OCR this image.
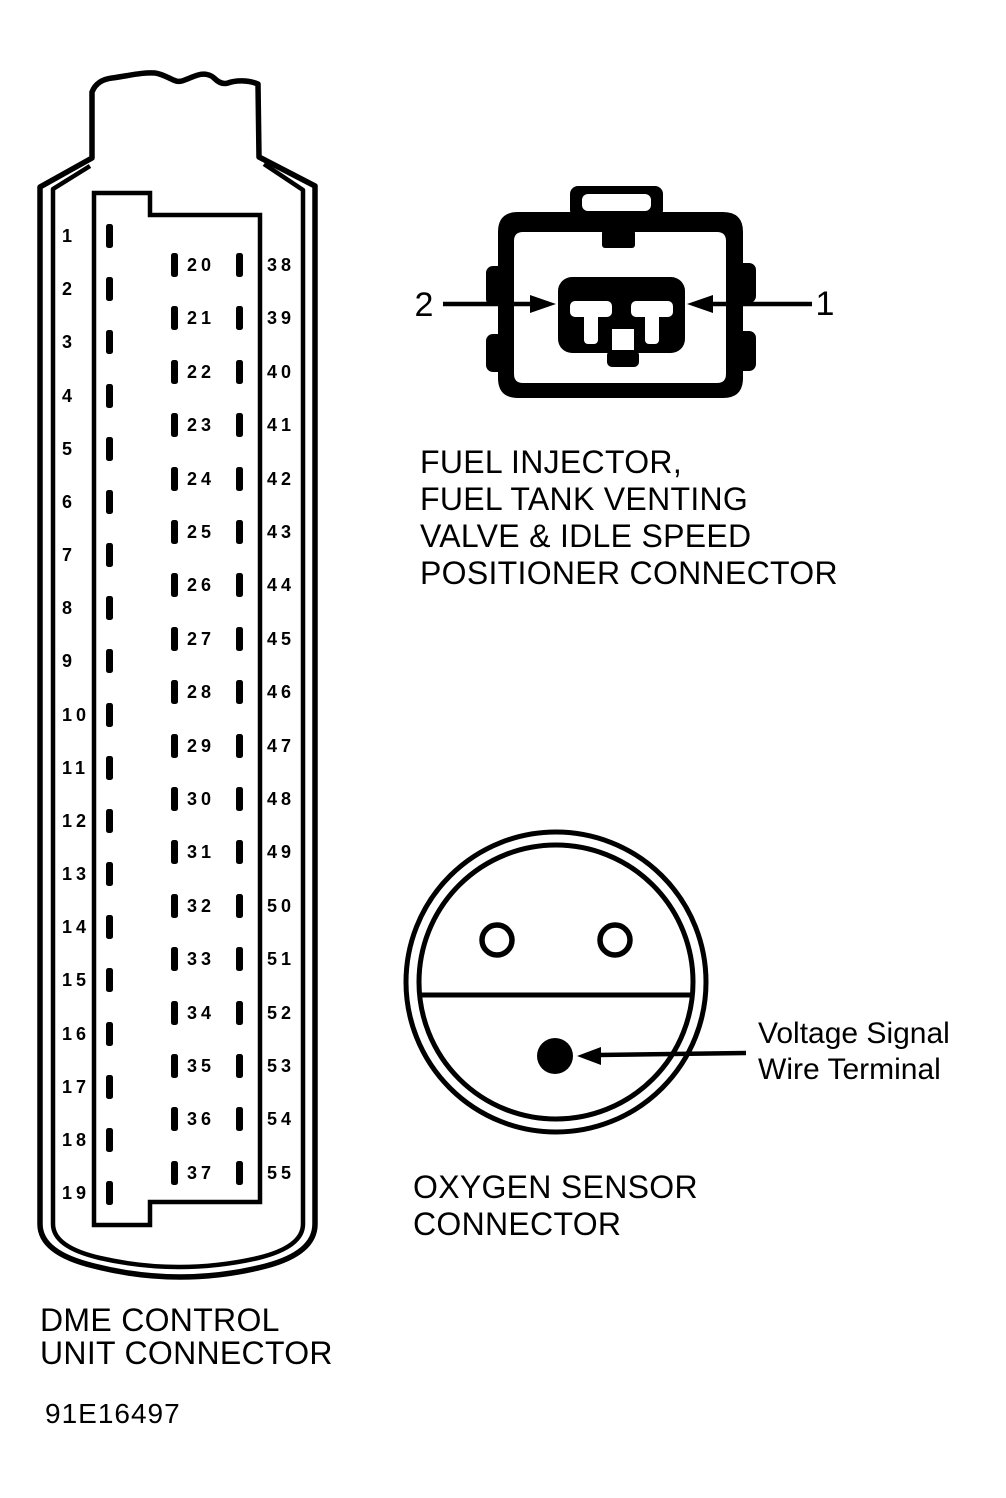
1
2
3
4
5
6
7
8
9
10
11
12
13
14
15
16
17
18
19
20
21
22
23
24
25
26
27
28
29
30
31
32
33
34
35
36
37
38
39
40
41
42
43
44
45
46
47
48
49
50
51
52
53
54
55
2	1
FUEL INJECTOR,
FUEL TANK VENTING
VALVE & IDLE SPEED
POSITIONER CONNECTOR
Voltage Signal
Wire Terminal
OXYGEN SENSOR
CONNECTOR
DME CONTROL
UNIT CONNECTOR
91E16497
